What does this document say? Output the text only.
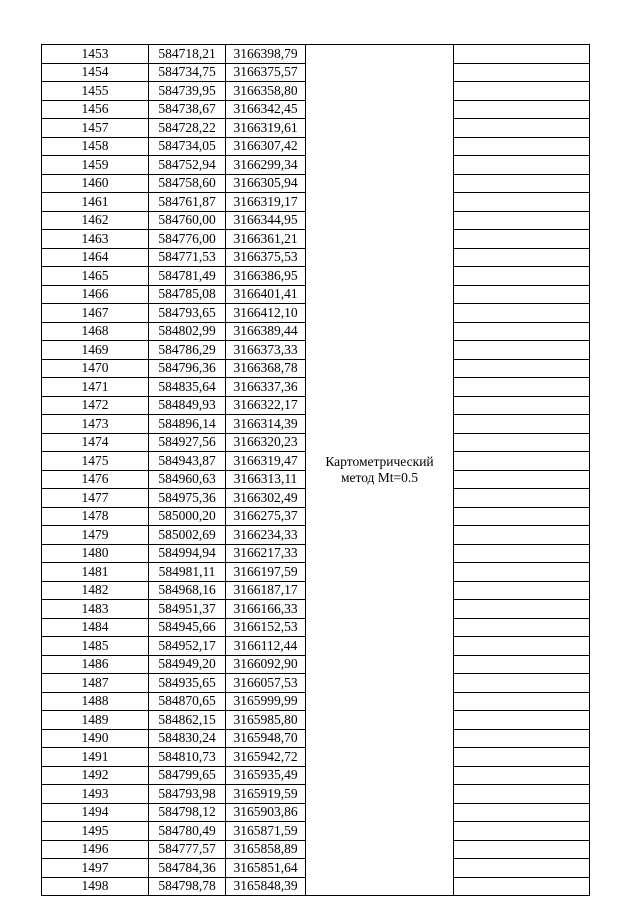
1453	584718,21	3166398,79	Картометрический
метод Mt=0.5	

1454	584734,75	3166375,57		
1455	584739,95	3166358,80		
1456	584738,67	3166342,45		
1457	584728,22	3166319,61		
1458	584734,05	3166307,42		
1459	584752,94	3166299,34		
1460	584758,60	3166305,94		
1461	584761,87	3166319,17		
1462	584760,00	3166344,95		
1463	584776,00	3166361,21		
1464	584771,53	3166375,53		
1465	584781,49	3166386,95		
1466	584785,08	3166401,41		
1467	584793,65	3166412,10		
1468	584802,99	3166389,44		
1469	584786,29	3166373,33		
1470	584796,36	3166368,78		
1471	584835,64	3166337,36		
1472	584849,93	3166322,17		
1473	584896,14	3166314,39		
1474	584927,56	3166320,23		
1475	584943,87	3166319,47		
1476	584960,63	3166313,11		
1477	584975,36	3166302,49		
1478	585000,20	3166275,37		
1479	585002,69	3166234,33		
1480	584994,94	3166217,33		
1481	584981,11	3166197,59		
1482	584968,16	3166187,17		
1483	584951,37	3166166,33		
1484	584945,66	3166152,53		
1485	584952,17	3166112,44		
1486	584949,20	3166092,90		
1487	584935,65	3166057,53		
1488	584870,65	3165999,99		
1489	584862,15	3165985,80		
1490	584830,24	3165948,70		
1491	584810,73	3165942,72		
1492	584799,65	3165935,49		
1493	584793,98	3165919,59		
1494	584798,12	3165903,86		
1495	584780,49	3165871,59		
1496	584777,57	3165858,89		
1497	584784,36	3165851,64		
1498	584798,78	3165848,39		
